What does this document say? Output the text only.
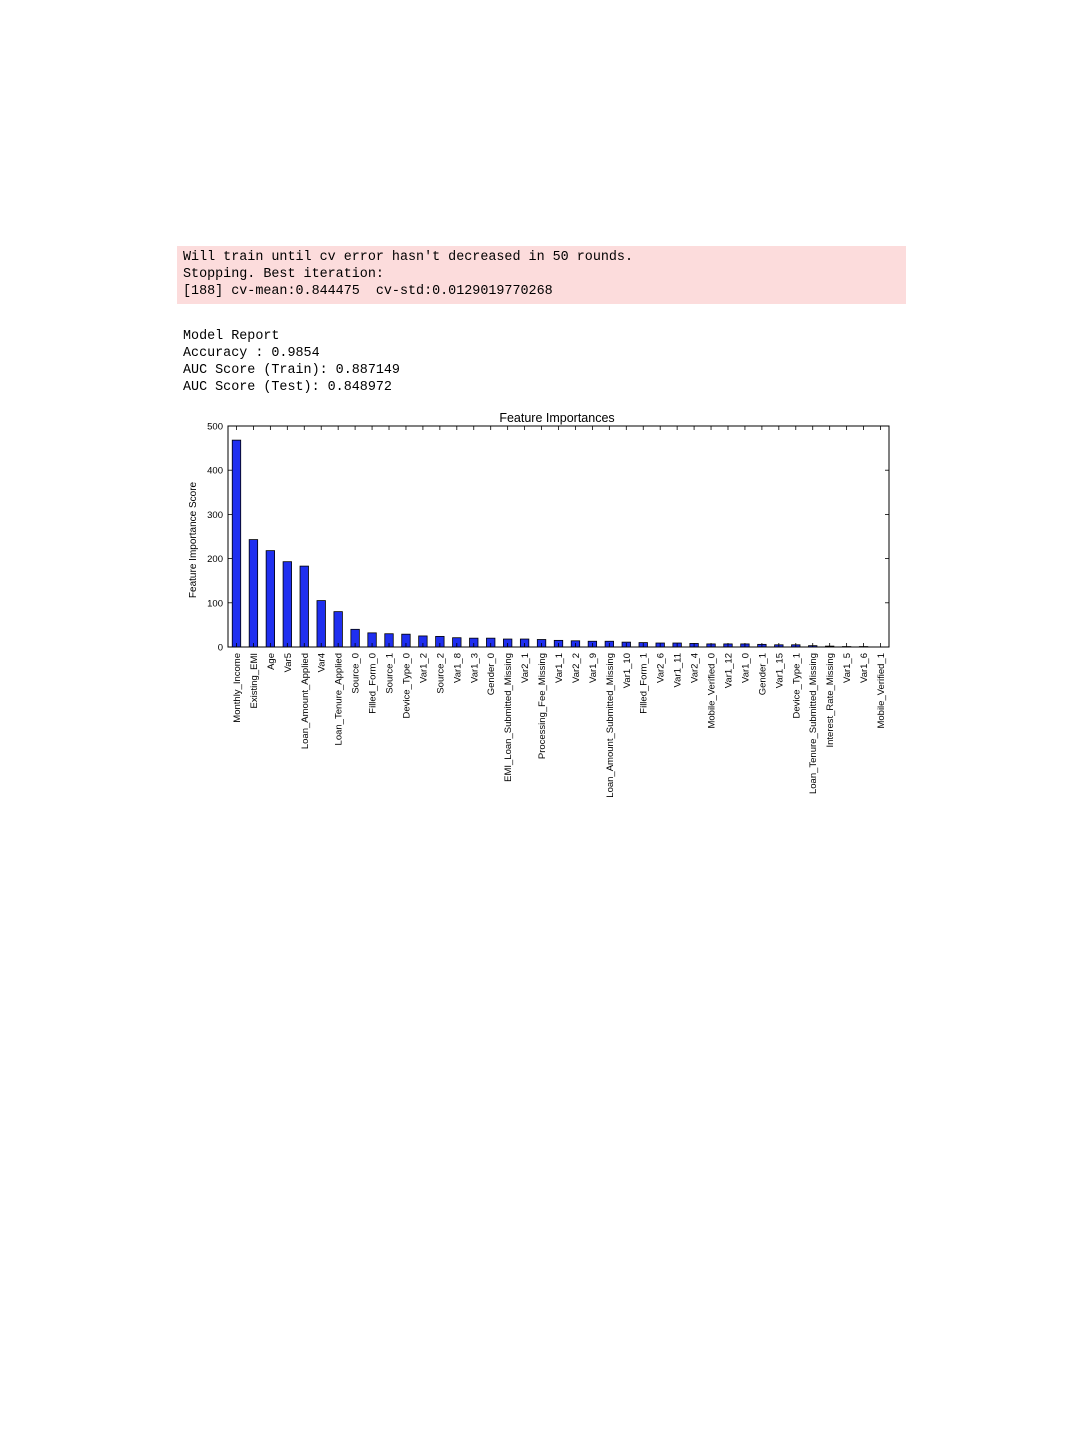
Will train until cv error hasn't decreased in 50 rounds.
Stopping. Best iteration:
[188] cv-mean:0.844475  cv-std:0.0129019770268
Model Report
Accuracy : 0.9854
AUC Score (Train): 0.887149
AUC Score (Test): 0.848972
Feature Importances
Feature Importance Score
0
100
200
300
400
500
Monthly_Income Existing_EMI Age Var5 Loan_Amount_Applied Var4 Loan_Tenure_Applied Source_0 Filled_Form_0 Source_1 Device_Type_0 Var1_2 Source_2 Var1_8 Var1_3 Gender_0 EMI_Loan_Submitted_Missing Var2_1 Processing_Fee_Missing Var1_1 Var2_2 Var1_9 Loan_Amount_Submitted_Missing Var1_10 Filled_Form_1 Var2_6 Var1_11 Var2_4 Mobile_Verified_0 Var1_12 Var1_0 Gender_1 Var1_15 Device_Type_1 Loan_Tenure_Submitted_Missing Interest_Rate_Missing Var1_5 Var1_6 Mobile_Verified_1
